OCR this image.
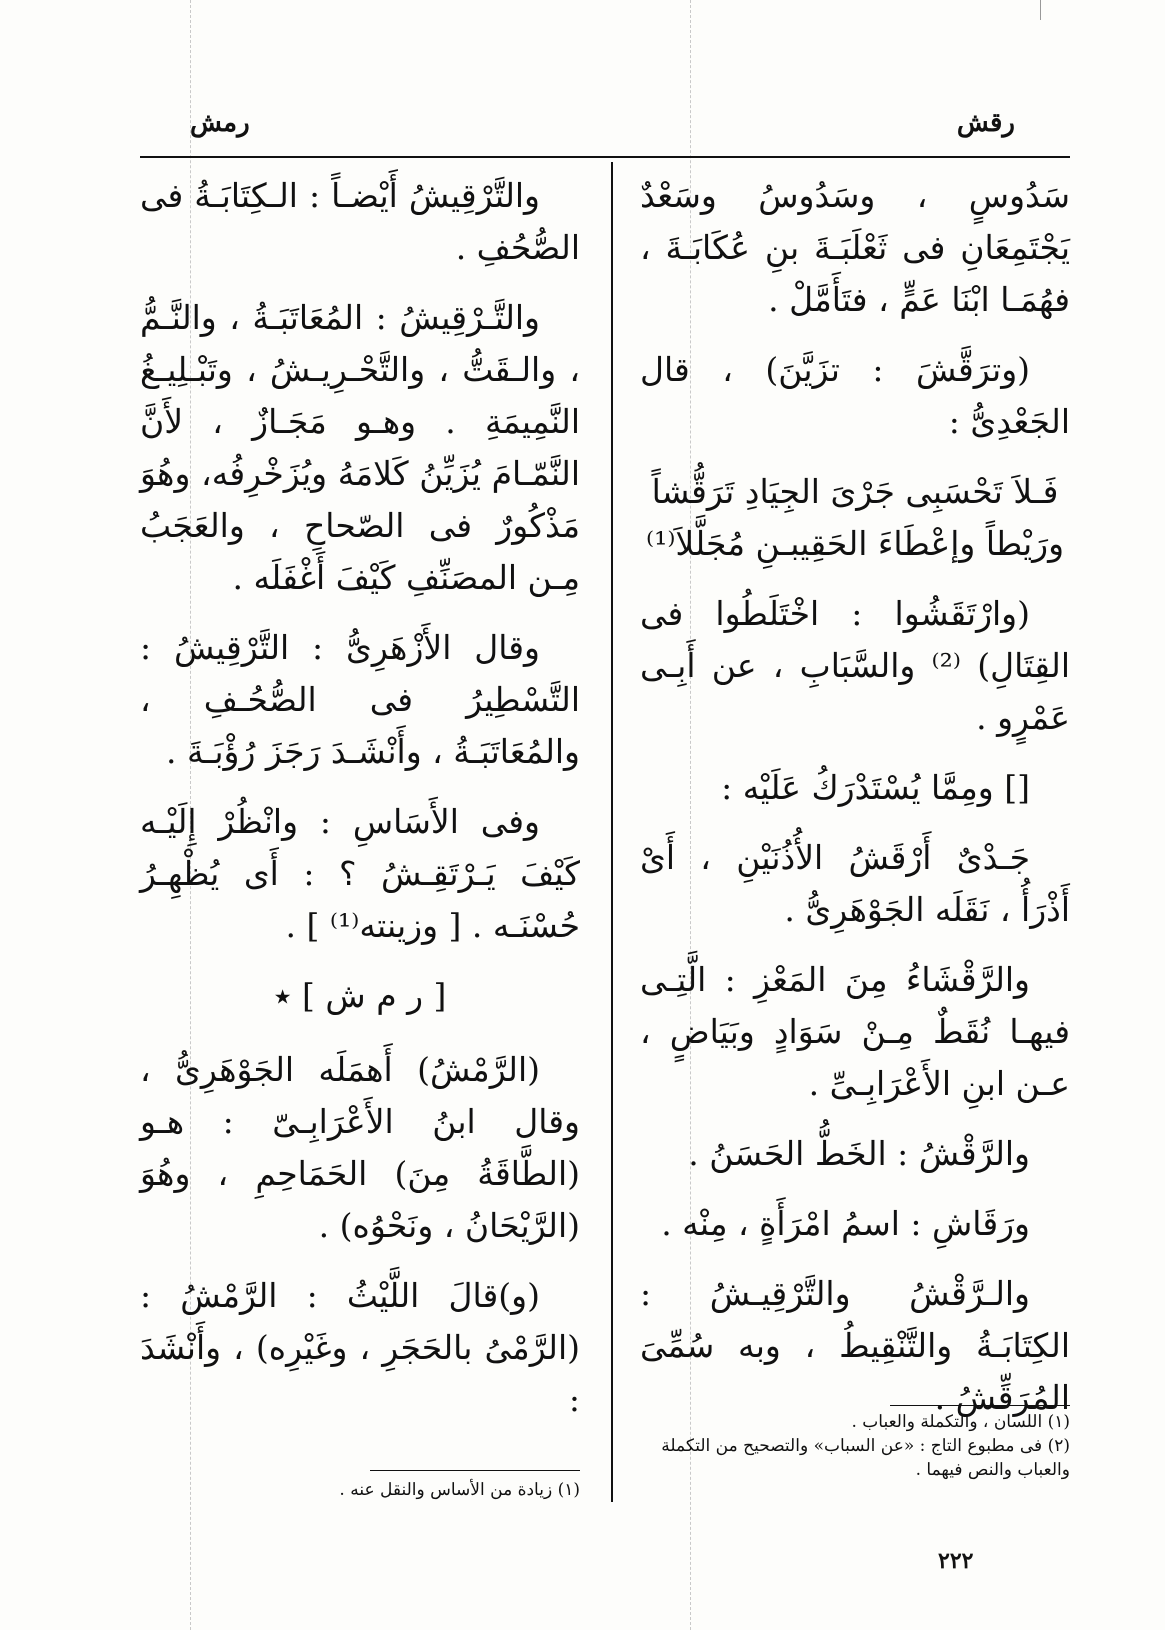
رقش
رمش

سَدُوسٍ ، وسَدُوسُ وسَعْدٌ يَجْتَمِعَانِ فى ثَعْلَبَـةَ بنِ عُكَابَـةَ ، فهُمَـا ابْنَا عَمٍّ ، فتَأَمَّلْ .

(وترَقَّشَ : تزَيَّنَ) ، قال الجَعْدِىُّ :

فَـلاَ تَحْسَبِى جَرْىَ الجِيَادِ تَرَقُّشاً
ورَيْطاً وإعْطَاءَ الحَقِيبـنِ مُجَلَّلاَ⁽¹⁾

(وارْتَقَشُوا : اخْتَلَطُوا فى القِتَالِ) ⁽²⁾ والسَّبَابِ ، عن أَبِـى عَمْرٍو .

[] ومِمَّا يُسْتَدْرَكُ عَلَيْه :

جَـدْىٌ أَرْقَشُ الأُذُنَيْنِ ، أَىْ أَذْرَأُ ، نَقَلَه الجَوْهَرِىُّ .

والرَّقْشَاءُ مِنَ المَعْزِ : الَّتِـى فيهـا نُقَطٌ مِـنْ سَوَادٍ وبَيَاضٍ ، عـن ابنِ الأَعْرَابِـىِّ .

والرَّقْشُ : الخَطُّ الحَسَنُ .

ورَقَاشِ : اسمُ امْرَأَةٍ ، مِنْه .

والـرَّقْشُ والتَّرْقِيـشُ : الكِتَابَـةُ والتَّنْقِيطُ ، وبه سُمِّىَ المُرَقِّشُ .

والتَّرْقِيشُ أَيْضـاً : الـكِتَابَـةُ فى الصُّحُفِ .

والتَّـرْقِيشُ : المُعَاتَبَـةُ ، والنَّـمُّ ، والـقَتُّ ، والتَّحْـرِيـشُ ، وتَبْـلِيـغُ النَّمِيمَةِ . وهـو مَجَـازٌ ، لأَنَّ النَّمّـامَ يُزَيِّنُ كَلامَهُ ويُزَخْرِفُه، وهُوَ مَذْكُورٌ فى الصّحاحِ ، والعَجَبُ مِـن المصَنِّفِ كَيْفَ أَغْفَلَه .

وقال الأَزْهَرِىُّ : التَّرْقِيشُ : التَّسْطِيرُ فى الصُّحُـفِ ، والمُعَاتَبَـةُ ، وأَنْشَـدَ رَجَزَ رُؤْبَـةَ .

وفى الأَسَاسِ : وانْظُرْ إِلَيْـه كَيْفَ يَـرْتَقِـشُ ؟ : أَى يُظْهِـرُ حُسْنَـه . [ وزينته⁽¹⁾ ] .

[ ر م ش ] ٭

(الرَّمْشُ) أَهمَلَه الجَوْهَرِىُّ ، وقال ابنُ الأَعْرَابِـىّ : هـو (الطَّاقَةُ مِنَ) الحَمَاحِمِ ، وهُوَ (الرَّيْحَانُ ، ونَحْوُه) .

(و)قالَ اللَّيْثُ : الرَّمْشُ : (الرَّمْىُ بالحَجَرِ ، وغَيْرِه) ، وأَنْشَدَ :

(١) اللسان ، والتكملة والعباب .
(٢) فى مطبوع التاج : «عن السباب» والتصحيح من التكملة والعباب والنص فيهما .
(١) زيادة من الأساس والنقل عنه .
٢٢٢
